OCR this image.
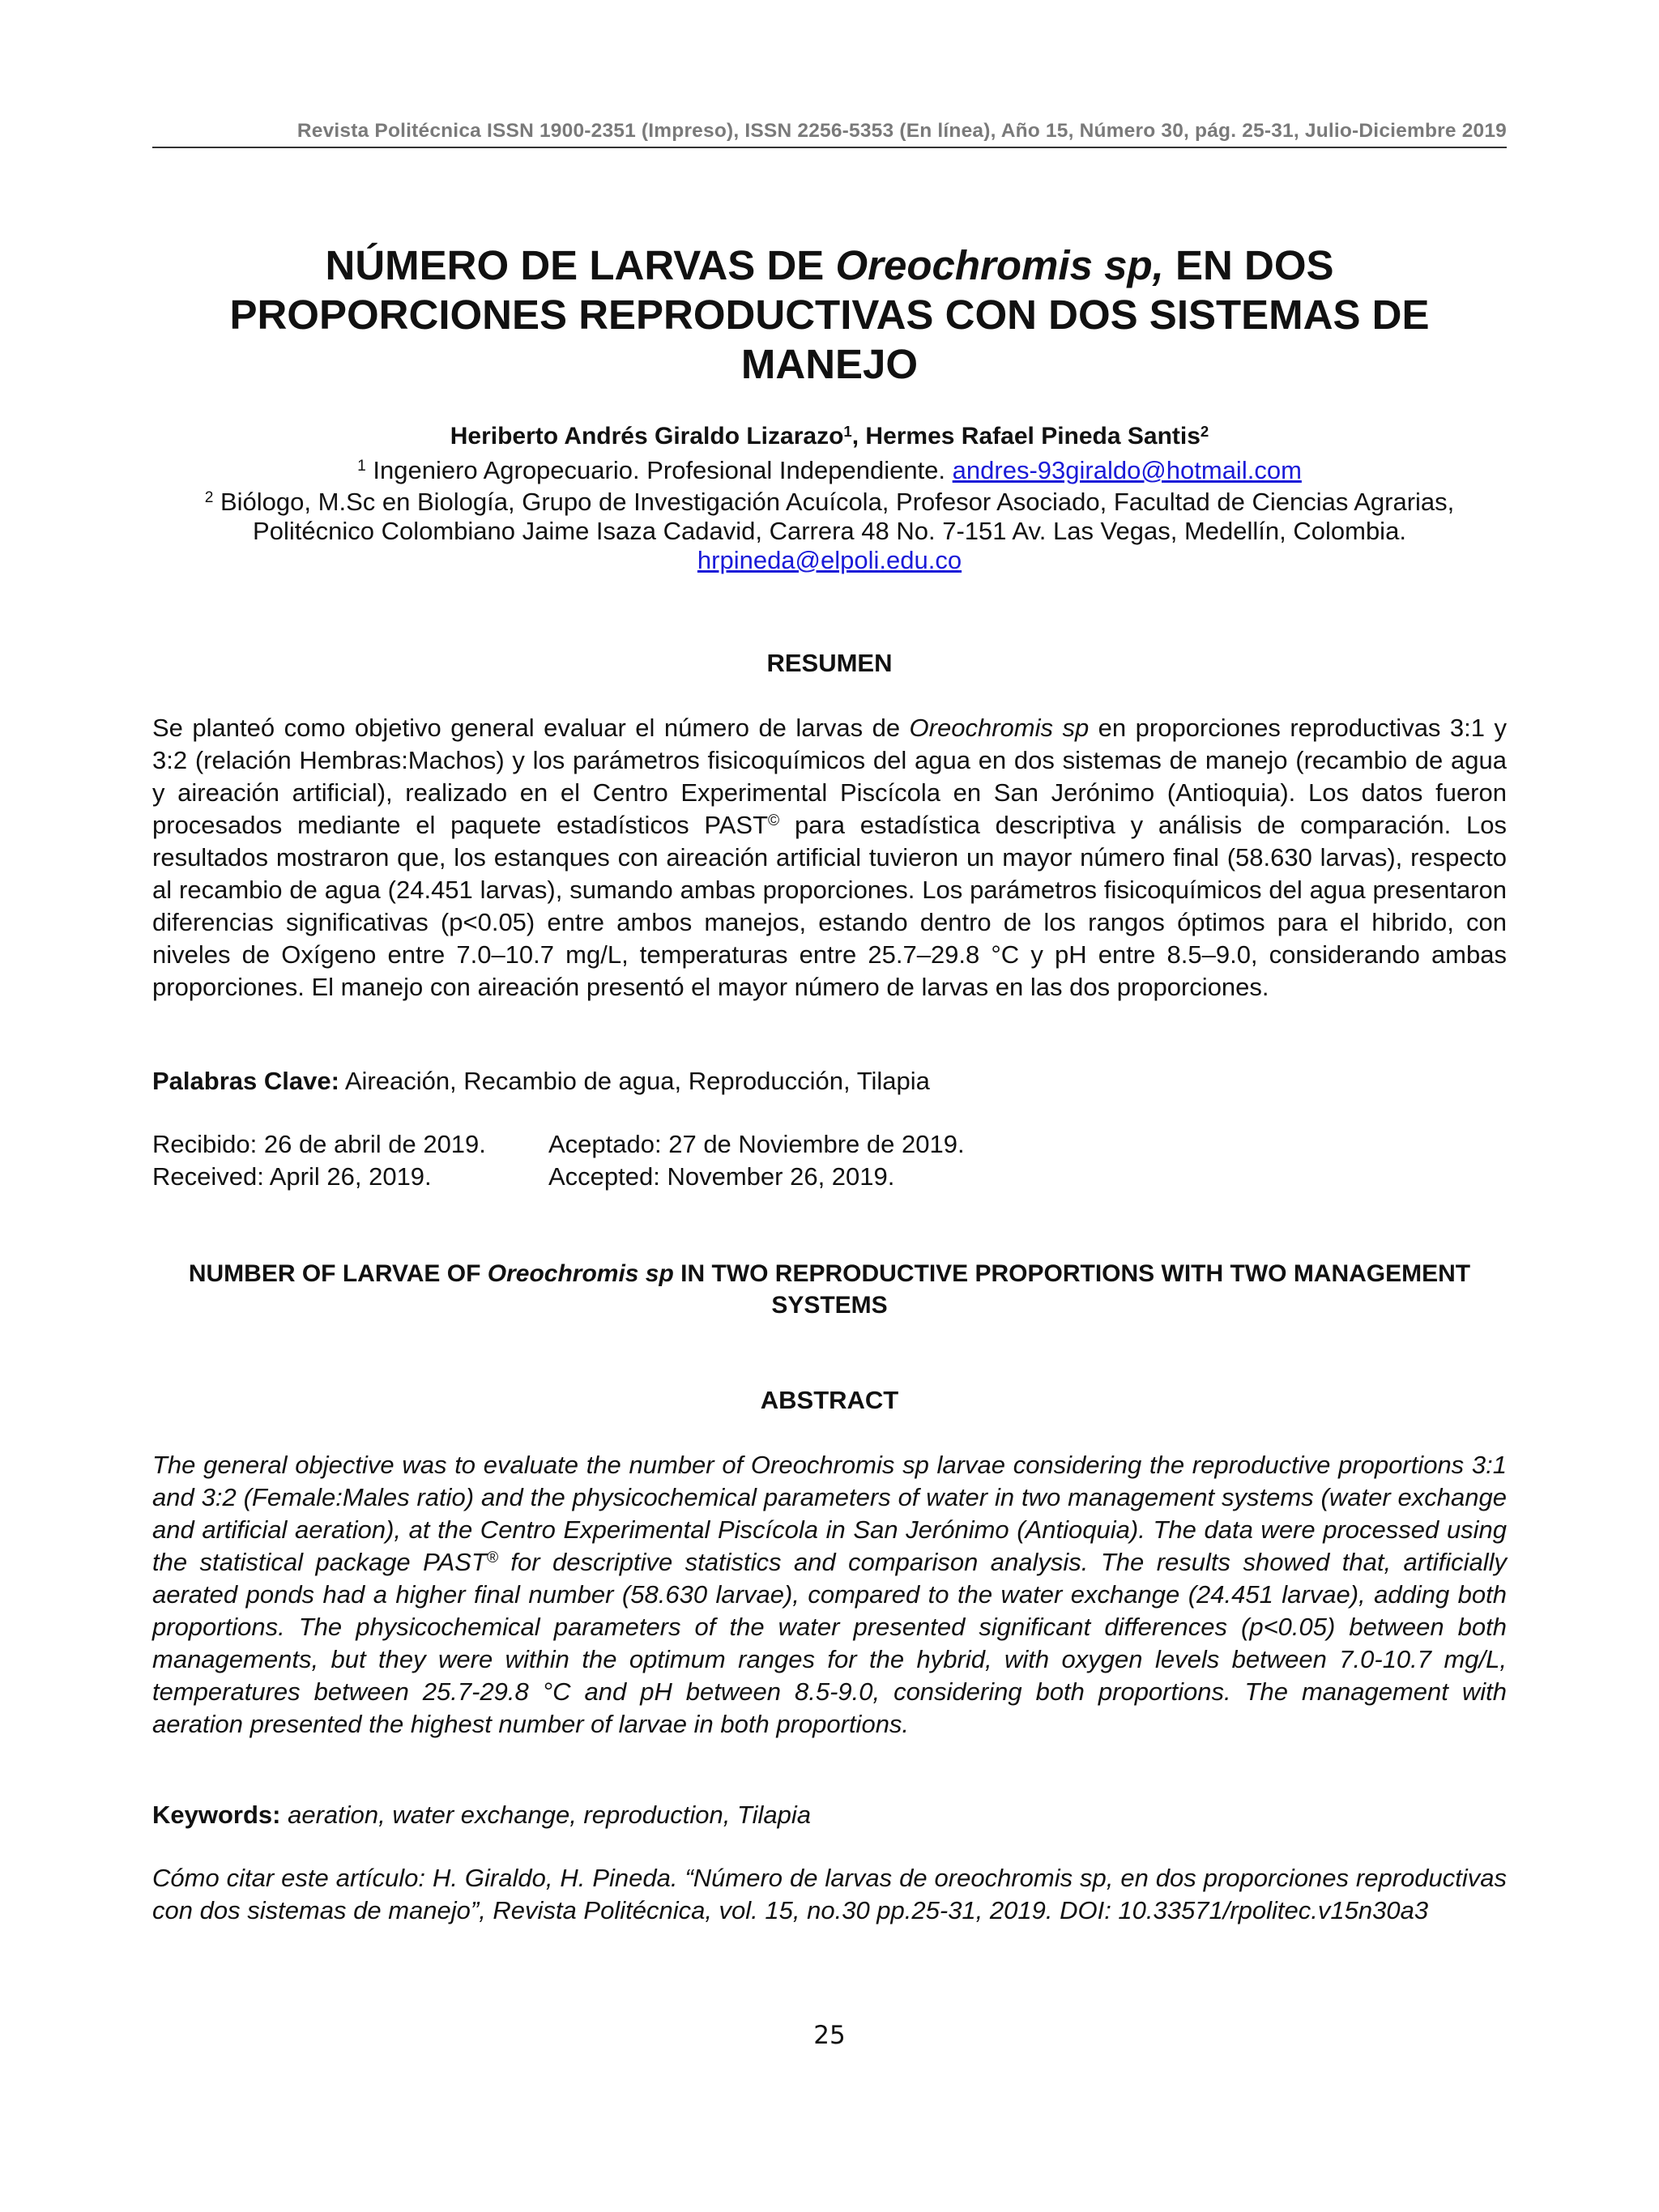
Revista Politécnica ISSN 1900-2351 (Impreso), ISSN 2256-5353 (En línea), Año 15, Número 30, pág. 25-31, Julio-Diciembre 2019
NÚMERO DE LARVAS DE Oreochromis sp, EN DOS PROPORCIONES REPRODUCTIVAS CON DOS SISTEMAS DE MANEJO
Heriberto Andrés Giraldo Lizarazo$^1$, Hermes Rafael Pineda Santis$^2$
$^1$ Ingeniero Agropecuario. Profesional Independiente. andres-93giraldo@hotmail.com
$^2$ Biólogo, M.Sc en Biología, Grupo de Investigación Acuícola, Profesor Asociado, Facultad de Ciencias Agrarias, Politécnico Colombiano Jaime Isaza Cadavid, Carrera 48 No. 7-151 Av. Las Vegas, Medellín, Colombia. hrpineda@elpoli.edu.co
RESUMEN
Se planteó como objetivo general evaluar el número de larvas de Oreochromis sp en proporciones reproductivas 3:1 y 3:2 (relación Hembras:Machos) y los parámetros fisicoquímicos del agua en dos sistemas de manejo (recambio de agua y aireación artificial), realizado en el Centro Experimental Piscícola en San Jerónimo (Antioquia). Los datos fueron procesados mediante el paquete estadísticos PAST© para estadística descriptiva y análisis de comparación. Los resultados mostraron que, los estanques con aireación artificial tuvieron un mayor número final (58.630 larvas), respecto al recambio de agua (24.451 larvas), sumando ambas proporciones. Los parámetros fisicoquímicos del agua presentaron diferencias significativas (p<0.05) entre ambos manejos, estando dentro de los rangos óptimos para el hibrido, con niveles de Oxígeno entre 7.0–10.7 mg/L, temperaturas entre 25.7–29.8 °C y pH entre 8.5–9.0, considerando ambas proporciones. El manejo con aireación presentó el mayor número de larvas en las dos proporciones.
Palabras Clave: Aireación, Recambio de agua, Reproducción, Tilapia
Recibido: 26 de abril de 2019.	Aceptado: 27 de Noviembre de 2019.
Received: April 26, 2019.	Accepted: November 26, 2019.
NUMBER OF LARVAE OF Oreochromis sp IN TWO REPRODUCTIVE PROPORTIONS WITH TWO MANAGEMENT SYSTEMS
ABSTRACT
The general objective was to evaluate the number of Oreochromis sp larvae considering the reproductive proportions 3:1 and 3:2 (Female:Males ratio) and the physicochemical parameters of water in two management systems (water exchange and artificial aeration), at the Centro Experimental Piscícola in San Jerónimo (Antioquia). The data were processed using the statistical package PAST® for descriptive statistics and comparison analysis. The results showed that, artificially aerated ponds had a higher final number (58.630 larvae), compared to the water exchange (24.451 larvae), adding both proportions. The physicochemical parameters of the water presented significant differences (p<0.05) between both managements, but they were within the optimum ranges for the hybrid, with oxygen levels between 7.0-10.7 mg/L, temperatures between 25.7-29.8 °C and pH between 8.5-9.0, considering both proportions. The management with aeration presented the highest number of larvae in both proportions.
Keywords: aeration, water exchange, reproduction, Tilapia
Cómo citar este artículo: H. Giraldo, H. Pineda. “Número de larvas de oreochromis sp, en dos proporciones reproductivas con dos sistemas de manejo”, Revista Politécnica, vol. 15, no.30 pp.25-31, 2019. DOI: 10.33571/rpolitec.v15n30a3
25
